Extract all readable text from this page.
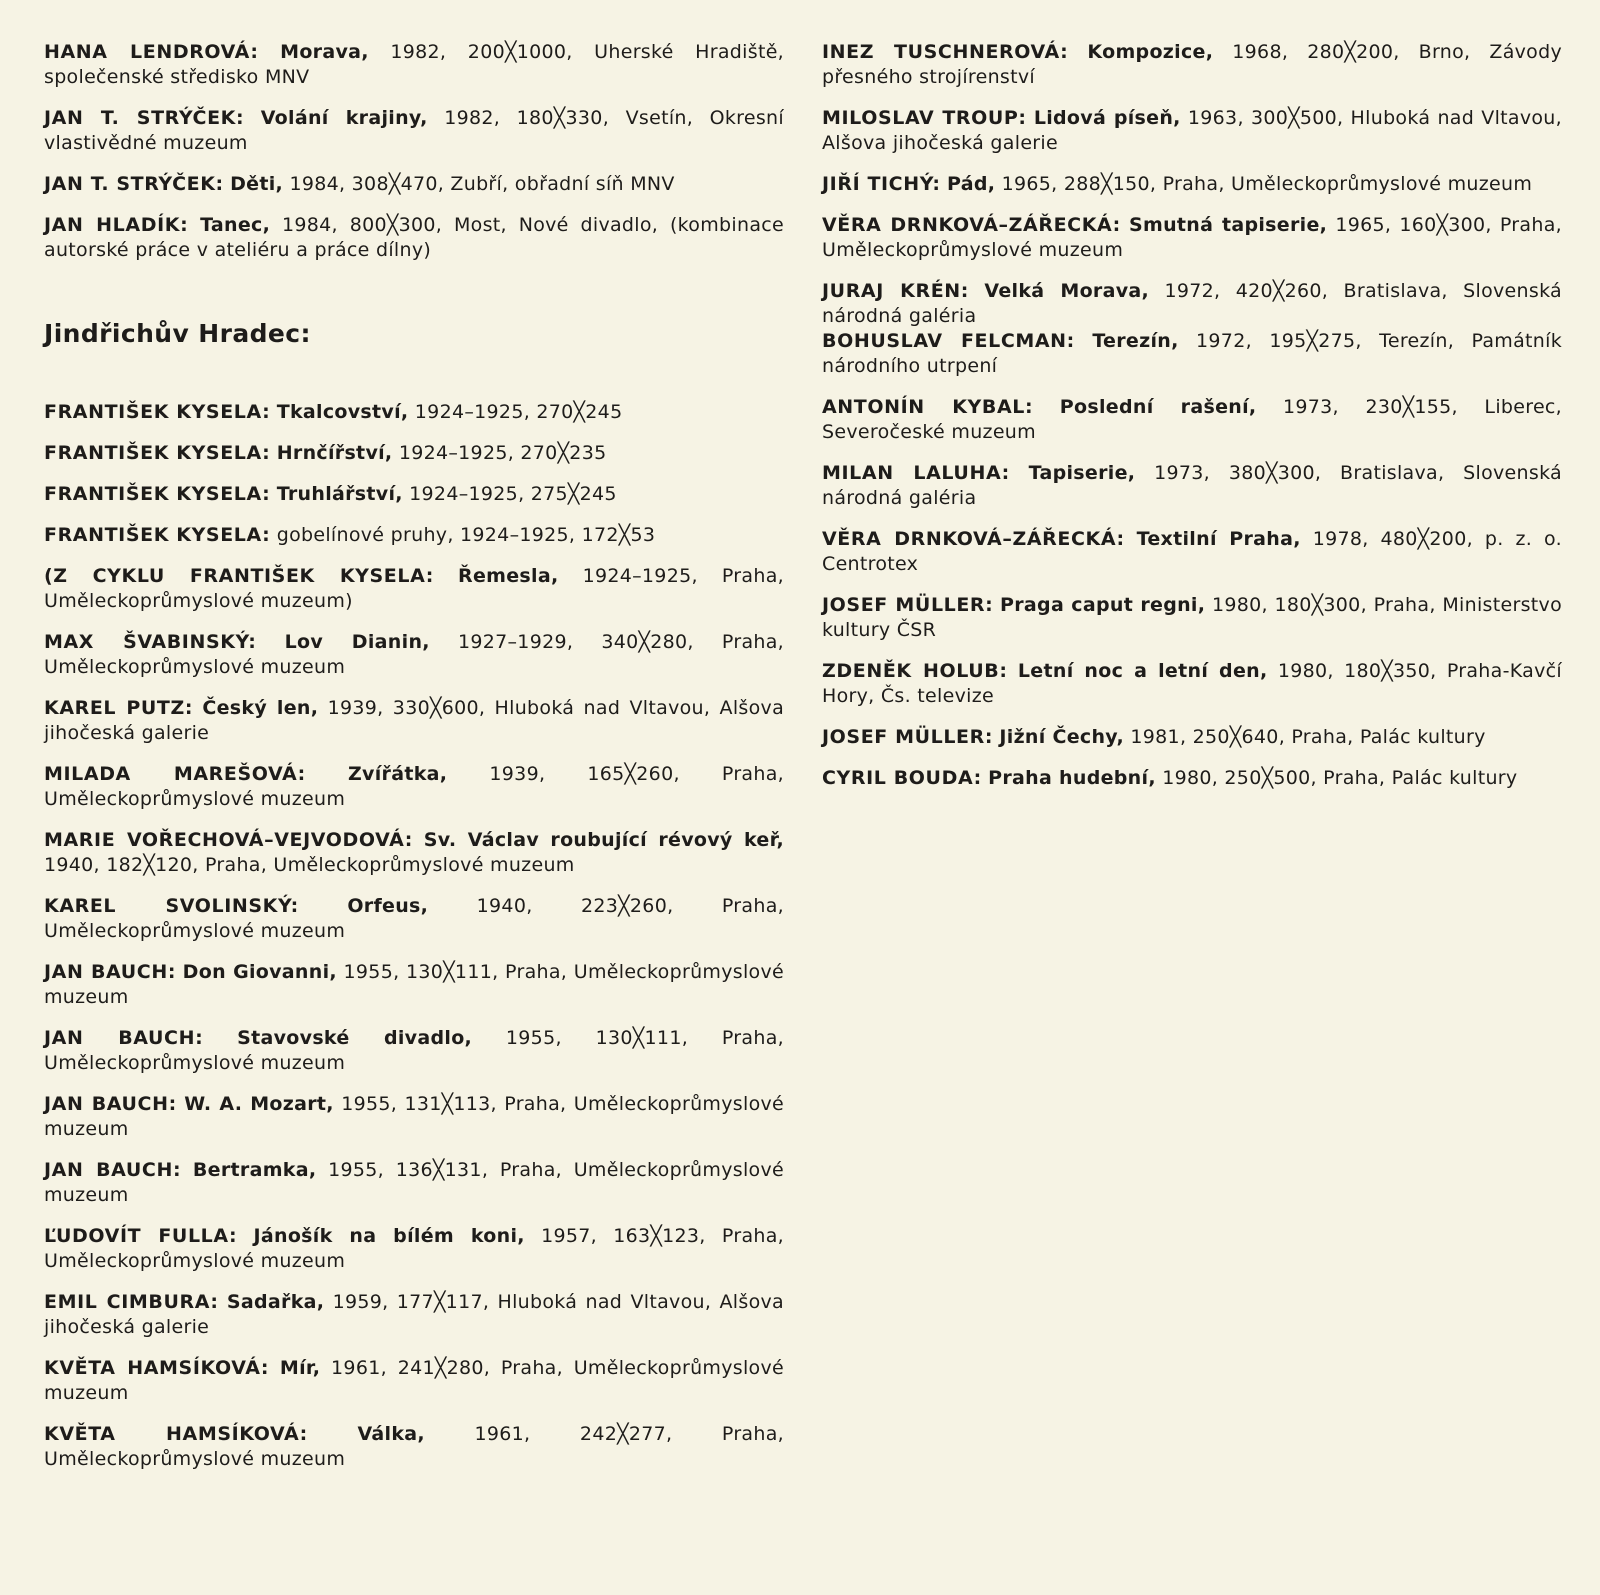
HANA LENDROVÁ: Morava, 1982, 200╳1000, Uherské Hradiště, společenské středisko MNV

JAN T. STRÝČEK: Volání krajiny, 1982, 180╳330, Vsetín, Okresní vlastivědné muzeum

JAN T. STRÝČEK: Děti, 1984, 308╳470, Zubří, obřadní síň MNV

JAN HLADÍK: Tanec, 1984, 800╳300, Most, Nové divadlo, (kombinace autorské práce v ateliéru a práce dílny)

Jindřichův Hradec:

FRANTIŠEK KYSELA: Tkalcovství, 1924–1925, 270╳245

FRANTIŠEK KYSELA: Hrnčířství, 1924–1925, 270╳235

FRANTIŠEK KYSELA: Truhlářství, 1924–1925, 275╳245

FRANTIŠEK KYSELA: gobelínové pruhy, 1924–1925, 172╳53

(Z CYKLU FRANTIŠEK KYSELA: Řemesla, 1924–1925, Praha, Uměleckoprůmyslové muzeum)

MAX ŠVABINSKÝ: Lov Dianin, 1927–1929, 340╳280, Praha, Uměleckoprůmyslové muzeum

KAREL PUTZ: Český len, 1939, 330╳600, Hluboká nad Vltavou, Alšova jihočeská galerie

MILADA MAREŠOVÁ: Zvířátka, 1939, 165╳260, Praha, Uměleckoprůmyslové muzeum

MARIE VOŘECHOVÁ–VEJVODOVÁ: Sv. Václav roubující révový keř, 1940, 182╳120, Praha, Uměleckoprůmyslové muzeum

KAREL SVOLINSKÝ:	Orfeus,	1940, 223╳260, Praha, Uměleckoprůmyslové muzeum

JAN BAUCH: Don Giovanni, 1955, 130╳111, Praha, Uměleckoprůmyslové muzeum

JAN BAUCH: Stavovské divadlo, 1955, 130╳111, Praha, Uměleckoprůmyslové muzeum

JAN BAUCH: W. A. Mozart, 1955, 131╳113, Praha, Uměleckoprůmyslové muzeum

JAN BAUCH: Bertramka, 1955, 136╳131, Praha, Uměleckoprůmyslové muzeum

ĽUDOVÍT FULLA: Jánošík na bílém koni, 1957, 163╳123, Praha, Uměleckoprůmyslové muzeum

EMIL CIMBURA: Sadařka, 1959, 177╳117, Hluboká nad Vltavou, Alšova jihočeská galerie

KVĚTA HAMSÍKOVÁ: Mír, 1961, 241╳280, Praha, Uměleckoprůmyslové muzeum

KVĚTA HAMSÍKOVÁ:	Válka,	1961, 242╳277, Praha, Uměleckoprůmyslové muzeum

INEZ TUSCHNEROVÁ: Kompozice, 1968, 280╳200, Brno, Závody přesného strojírenství

MILOSLAV TROUP: Lidová píseň, 1963, 300╳500, Hluboká nad Vltavou, Alšova jihočeská galerie

JIŘÍ TICHÝ: Pád, 1965, 288╳150, Praha, Uměleckoprůmyslové muzeum

VĚRA DRNKOVÁ–ZÁŘECKÁ: Smutná tapiserie, 1965, 160╳300, Praha, Uměleckoprůmyslové muzeum

JURAJ KRÉN: Velká Morava, 1972, 420╳260, Bratislava, Slovenská národná galéria

BOHUSLAV FELCMAN: Terezín, 1972, 195╳275, Terezín, Památník národního utrpení

ANTONÍN KYBAL: Poslední rašení, 1973, 230╳155, Liberec, Severočeské muzeum

MILAN LALUHA: Tapiserie, 1973, 380╳300, Bratislava, Slovenská národná galéria

VĚRA DRNKOVÁ–ZÁŘECKÁ: Textilní Praha, 1978, 480╳200, p. z. o. Centrotex

JOSEF MÜLLER: Praga caput regni, 1980, 180╳300, Praha, Ministerstvo kultury ČSR

ZDENĚK HOLUB: Letní noc a letní den, 1980, 180╳350, Praha-Kavčí Hory, Čs. televize

JOSEF MÜLLER: Jižní Čechy, 1981, 250╳640, Praha, Palác kultury

CYRIL BOUDA: Praha hudební, 1980, 250╳500, Praha, Palác kultury
